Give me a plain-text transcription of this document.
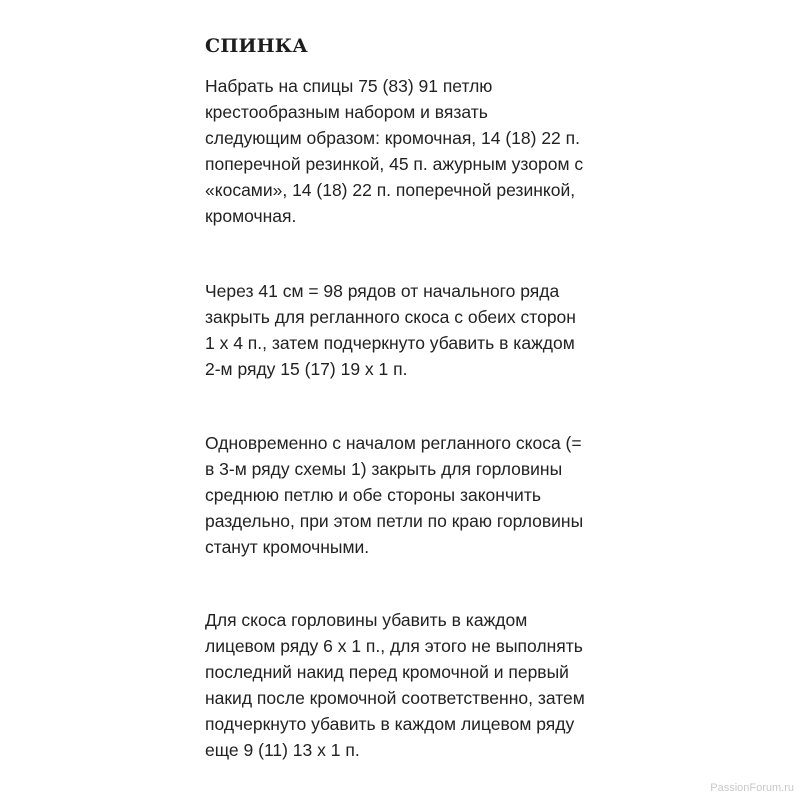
СПИНКА
Набрать на спицы 75 (83) 91 петлю
крестообразным набором и вязать
следующим образом: кромочная, 14 (18) 22 п.
поперечной резинкой, 45 п. ажурным узором с
«косами», 14 (18) 22 п. поперечной резинкой,
кромочная.
Через 41 см = 98 рядов от начального ряда
закрыть для регланного скоса с обеих сторон
1 х 4 п., затем подчеркнуто убавить в каждом
2-м ряду 15 (17) 19 х 1 п.
Одновременно с началом регланного скоса (=
в 3-м ряду схемы 1) закрыть для горловины
среднюю петлю и обе стороны закончить
раздельно, при этом петли по краю горловины
станут кромочными.
Для скоса горловины убавить в каждом
лицевом ряду 6 х 1 п., для этого не выполнять
последний накид перед кромочной и первый
накид после кромочной соответственно, затем
подчеркнуто убавить в каждом лицевом ряду
еще 9 (11) 13 х 1 п.
PassionForum.ru
